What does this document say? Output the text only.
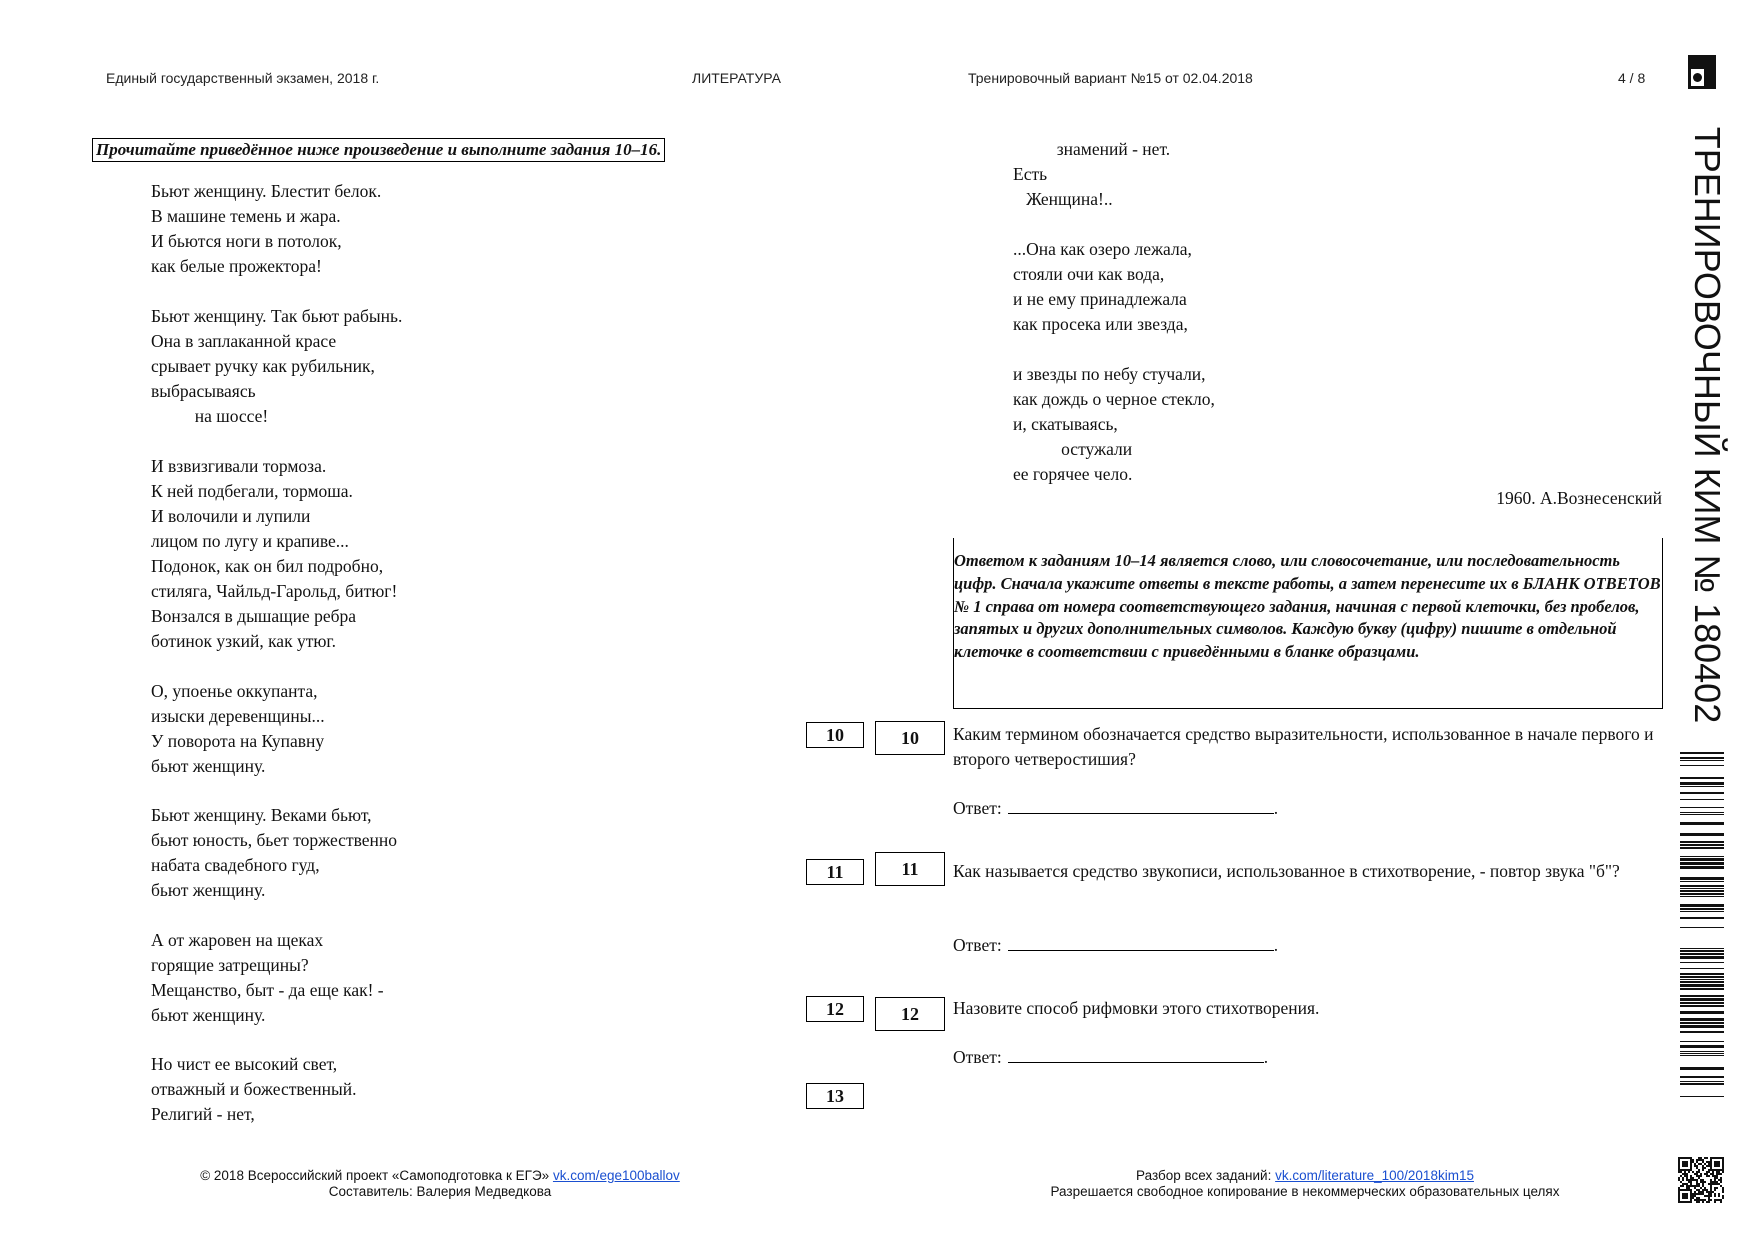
Единый государственный экзамен, 2018 г.	ЛИТЕРАТУРА	Тренировочный вариант №15 от 02.04.2018	4 / 8
Прочитайте приведённое ниже произведение и выполните задания 10–16.
Бьют женщину. Блестит белок.
В машине темень и жара.
И бьются ноги в потолок,
как белые прожектора!
Бьют женщину. Так бьют рабынь.
Она в заплаканной красе
срывает ручку как рубильник,
выбрасываясь
на шоссе!
И взвизгивали тормоза.
К ней подбегали, тормоша.
И волочили и лупили
лицом по лугу и крапиве...
Подонок, как он бил подробно,
стиляга, Чайльд-Гарольд, битюг!
Вонзался в дышащие ребра
ботинок узкий, как утюг.
О, упоенье оккупанта,
изыски деревенщины...
У поворота на Купавну
бьют женщину.
Бьют женщину. Веками бьют,
бьют юность, бьет торжественно
набата свадебного гуд,
бьют женщину.
А от жаровен на щеках
горящие затрещины?
Мещанство, быт - да еще как! -
бьют женщину.
Но чист ее высокий свет,
отважный и божественный.
Религий - нет,
знамений - нет.
Есть
Женщина!..
...Она как озеро лежала,
стояли очи как вода,
и не ему принадлежала
как просека или звезда,
и звезды по небу стучали,
как дождь о черное стекло,
и, скатываясь,
остужали
ее горячее чело.
1960. А.Вознесенский

Ответом к заданиям 10–14 является слово, или словосочетание, или последовательность цифр. Сначала укажите ответы в тексте работы, а затем перенесите их в БЛАНК ОТВЕТОВ № 1 справа от номера соответствующего задания, начиная с первой клеточки, без пробелов, запятых и других дополнительных символов. Каждую букву (цифру) пишите в отдельной клеточке в соответствии с приведёнными в бланке образцами.

10	10	Каким термином обозначается средство выразительности, использованное в начале первого и второго четверостишия?
Ответ:	.
11	11	Как называется средство звукописи, использованное в стихотворение, - повтор звука "б"?
Ответ:	.
12	12	Назовите способ рифмовки этого стихотворения.
Ответ:	.
13
© 2018 Всероссийский проект «Самоподготовка к ЕГЭ» vk.com/ege100ballov
Составитель: Валерия Медведкова
Разбор всех заданий: vk.com/literature_100/2018kim15
Разрешается свободное копирование в некоммерческих образовательных целях
ТРЕНИРОВОЧНЫЙ КИМ № 180402
